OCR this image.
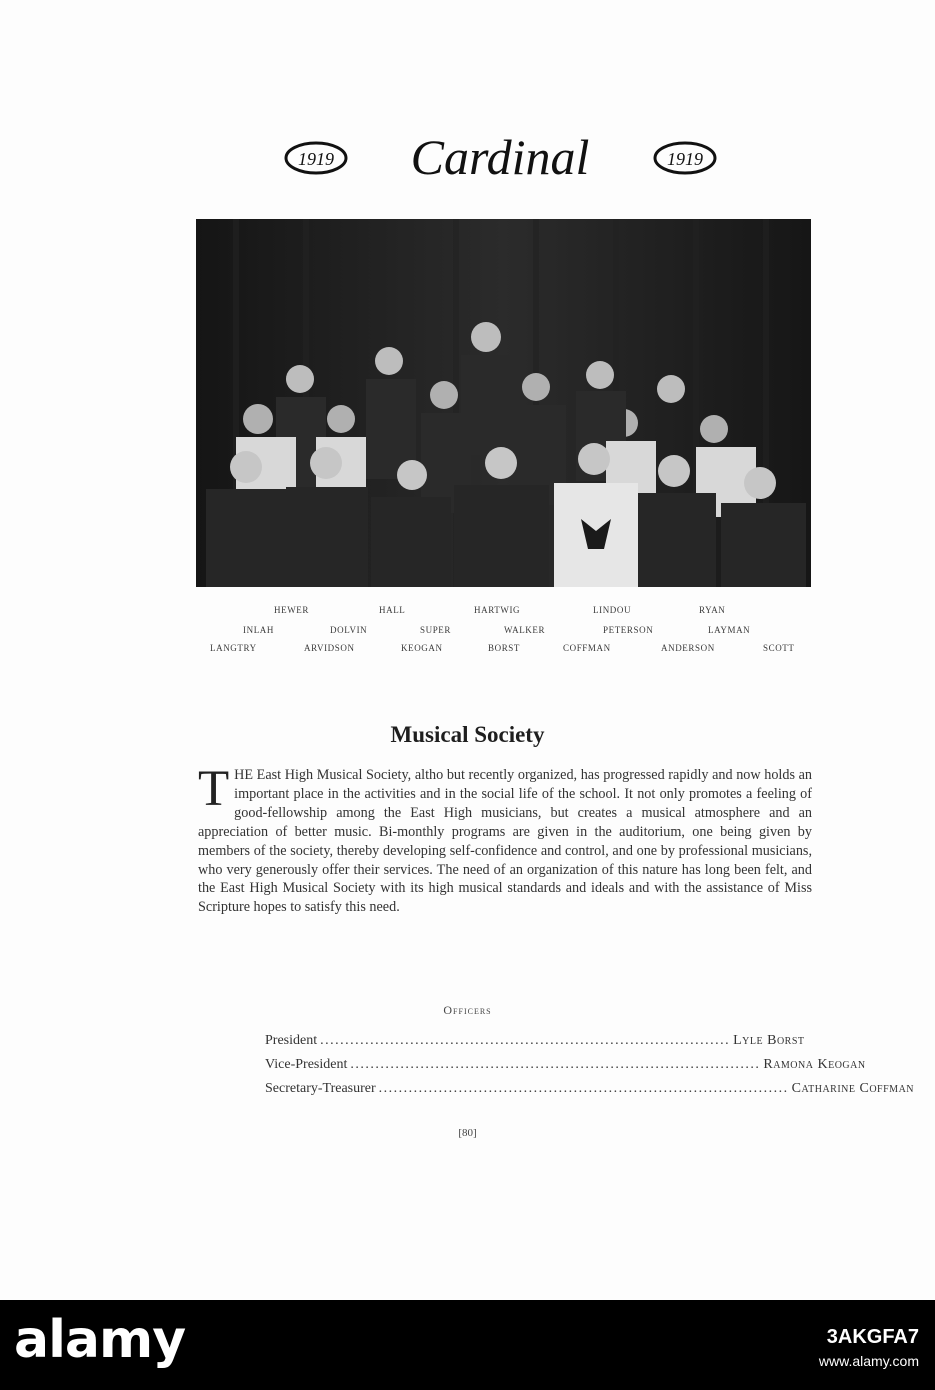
1919 Cardinal	1919
HEWER	HALL	HARTWIG	LINDOU	RYAN
INLAH	DOLVIN	SUPER	WALKER	PETERSON	LAYMAN
LANGTRY	ARVIDSON	KEOGAN	BORST	COFFMAN	ANDERSON	SCOTT
Musical Society
T HE East High Musical Society, altho but recently organized, has progressed rapidly and now holds an important place in the activities and in the social life of the school. It not only promotes a feeling of good-fellowship among the East High musicians, but creates a musical atmosphere and an appreciation of better music. Bi-monthly programs are given in the auditorium, one being given by members of the society, thereby developing self-confidence and control, and one by professional musicians, who very generously offer their services. The need of an organization of this nature has long been felt, and the East High Musical Society with its high musical standards and ideals and with the assistance of Miss Scripture hopes to satisfy this need.
Officers
President .................................................................................. Lyle Borst
Vice-President .................................................................................. Ramona Keogan
Secretary-Treasurer .................................................................................. Catharine Coffman
[80]
alamy	3AKGFA7
www.alamy.com
